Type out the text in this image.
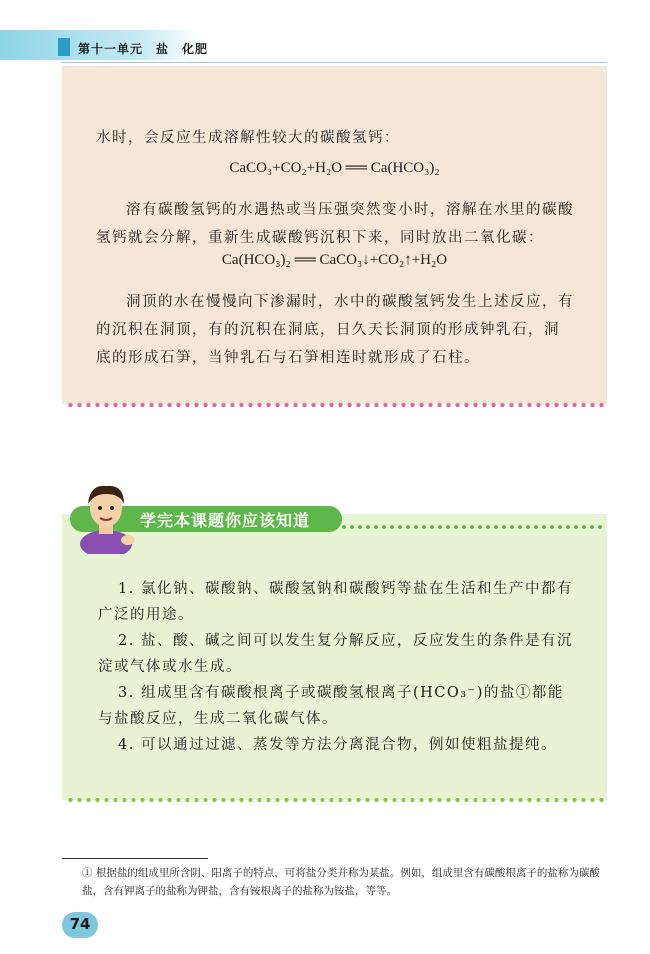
第十一单元　盐　化肥

水时，会反应生成溶解性较大的碳酸氢钙：

CaCO₃+CO₂+H₂O ══ Ca(HCO₃)₂

溶有碳酸氢钙的水遇热或当压强突然变小时，溶解在水里的碳酸氢钙就会分解，重新生成碳酸钙沉积下来，同时放出二氧化碳：

Ca(HCO₃)₂ ══ CaCO₃↓+CO₂↑+H₂O

洞顶的水在慢慢向下渗漏时，水中的碳酸氢钙发生上述反应，有的沉积在洞顶，有的沉积在洞底，日久天长洞顶的形成钟乳石，洞底的形成石笋，当钟乳石与石笋相连时就形成了石柱。

学完本课题你应该知道

1. 氯化钠、碳酸钠、碳酸氢钠和碳酸钙等盐在生活和生产中都有广泛的用途。

2. 盐、酸、碱之间可以发生复分解反应，反应发生的条件是有沉淀或气体或水生成。

3. 组成里含有碳酸根离子或碳酸氢根离子(HCO₃⁻)的盐①都能与盐酸反应，生成二氧化碳气体。

4. 可以通过过滤、蒸发等方法分离混合物，例如使粗盐提纯。

① 根据盐的组成里所含阴、阳离子的特点，可将盐分类并称为某盐。例如，组成里含有碳酸根离子的盐称为碳酸盐，含有钾离子的盐称为钾盐，含有铵根离子的盐称为铵盐，等等。

74
